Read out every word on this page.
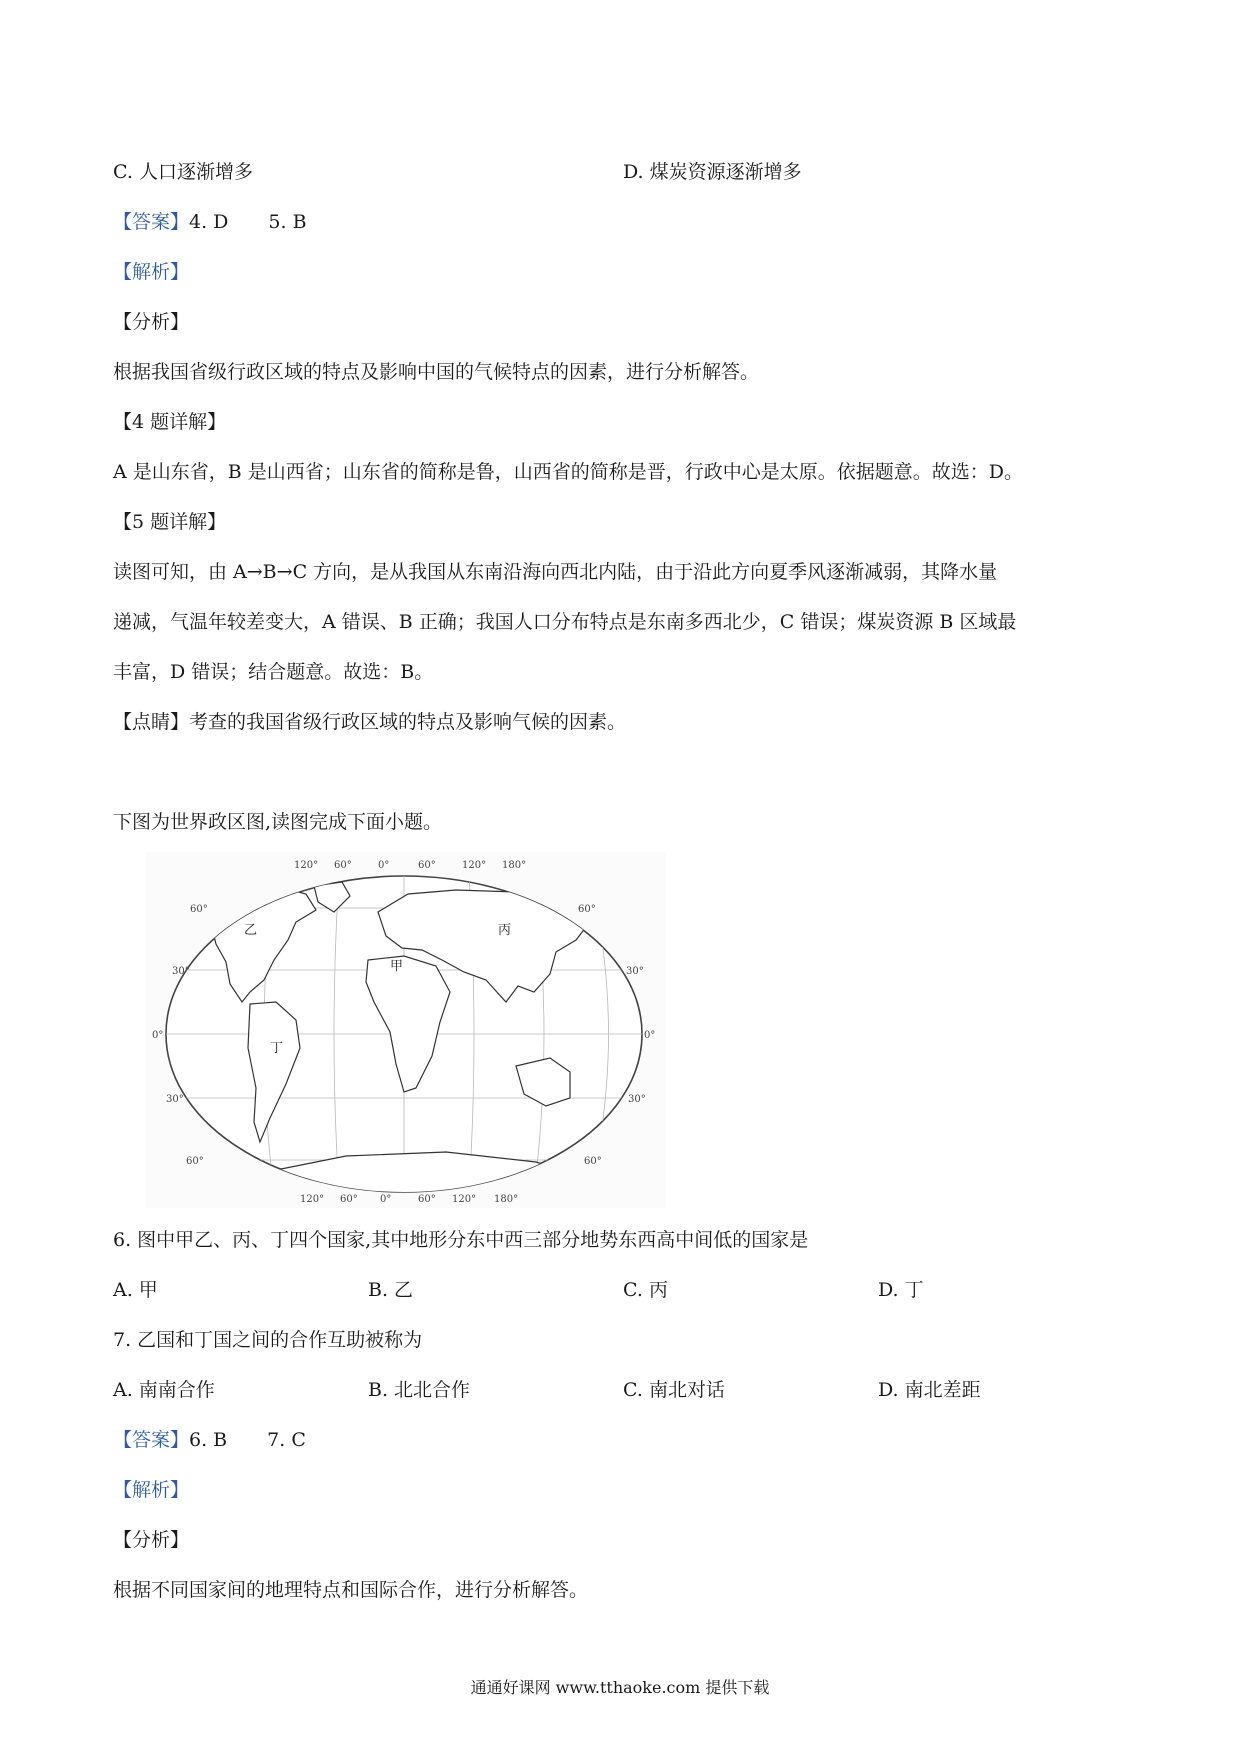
C. 人口逐渐增多	D. 煤炭资源逐渐增多
【答案】4. D 5. B
【解析】
【分析】
根据我国省级行政区域的特点及影响中国的气候特点的因素，进行分析解答。
【4 题详解】
A 是山东省，B 是山西省；山东省的简称是鲁，山西省的简称是晋，行政中心是太原。依据题意。故选：D。
【5 题详解】
读图可知，由 A→B→C 方向，是从我国从东南沿海向西北内陆，由于沿此方向夏季风逐渐减弱，其降水量
递减，气温年较差变大，A 错误、B 正确；我国人口分布特点是东南多西北少，C 错误；煤炭资源 B 区域最
丰富，D 错误；结合题意。故选：B。
【点睛】考查的我国省级行政区域的特点及影响气候的因素。
下图为世界政区图,读图完成下面小题。
乙
甲
丙
丁
120° 60°	0°	60°	120° 180°
120° 60° 0°	60° 120° 180°
60°
30°
0°
30°
60°
60°
30°
0°
30°
60°
6. 图中甲乙、丙、丁四个国家,其中地形分东中西三部分地势东西高中间低的国家是
A. 甲	B. 乙	C. 丙	D. 丁
7. 乙国和丁国之间的合作互助被称为
A. 南南合作	B. 北北合作	C. 南北对话	D. 南北差距
【答案】6. B 7. C
【解析】
【分析】
根据不同国家间的地理特点和国际合作，进行分析解答。
通通好课网 www.tthaoke.com 提供下载
